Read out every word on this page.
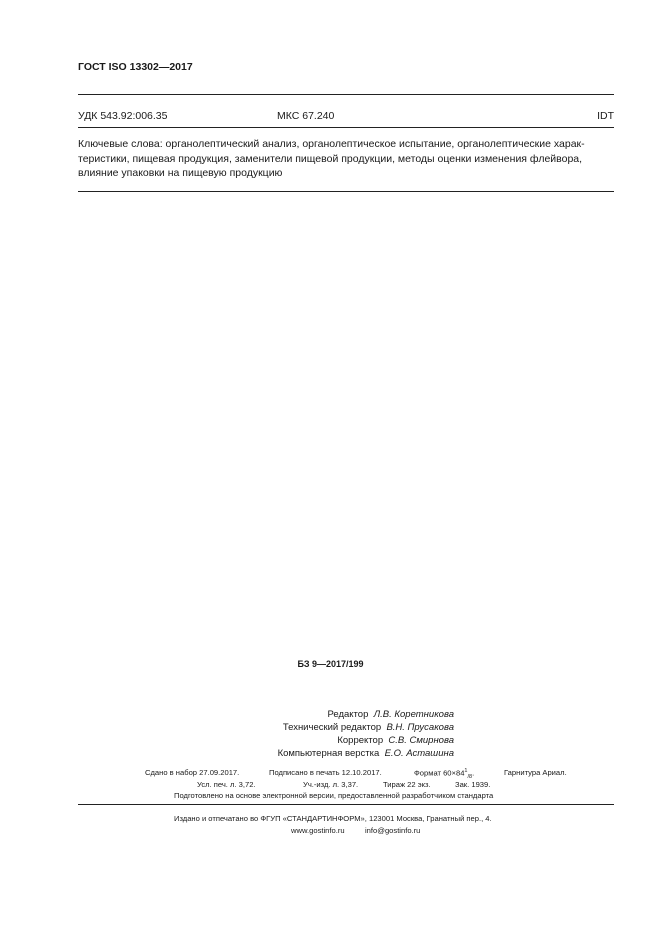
ГОСТ ISO 13302—2017
УДК 543.92:006.35	МКС 67.240	IDT
Ключевые слова: органолептический анализ, органолептическое испытание, органолептические харак-
теристики, пищевая продукция, заменители пищевой продукции, методы оценки изменения флейвора,
влияние упаковки на пищевую продукцию
БЗ 9—2017/199
Редактор Л.В. Коретникова
Технический редактор В.Н. Прусакова
Корректор С.В. Смирнова
Компьютерная верстка Е.О. Асташина
Сдано в набор 27.09.2017.	Подписано в печать 12.10.2017.	Формат $60\times 84^1_{/8}$.	Гарнитура Ариал.
Усл. печ. л. 3,72.	Уч.-изд. л. 3,37.	Тираж 22 экз.	Зак. 1939.
Подготовлено на основе электронной версии, предоставленной разработчиком стандарта
Издано и отпечатано во ФГУП «СТАНДАРТИНФОРМ», 123001 Москва, Гранатный пер., 4.
www.gostinfo.ru	info@gostinfo.ru
